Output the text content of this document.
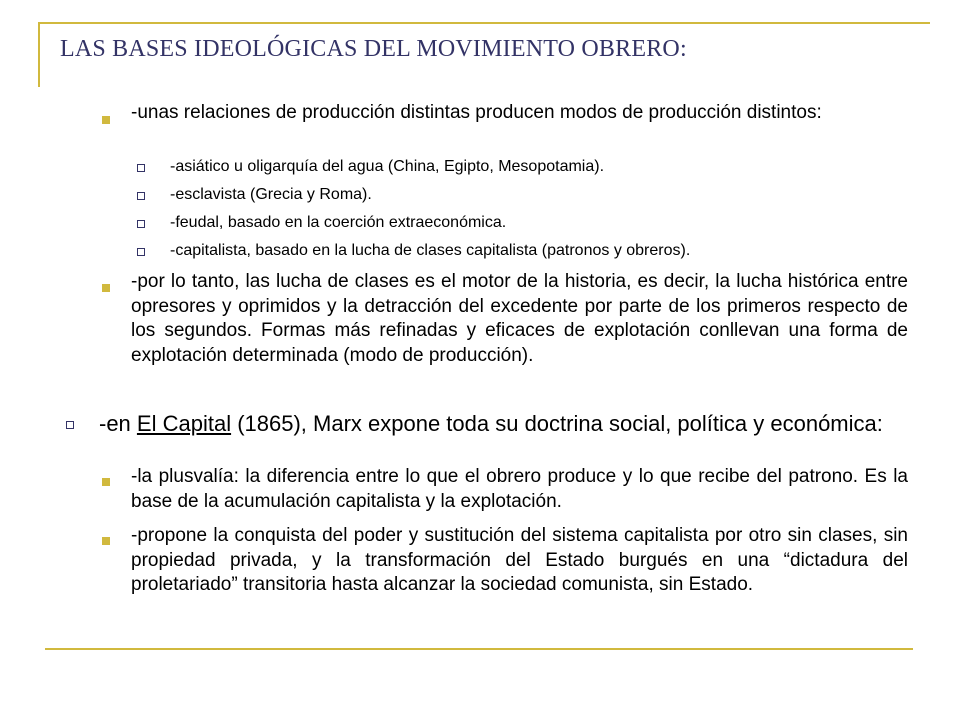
LAS BASES IDEOLÓGICAS DEL MOVIMIENTO OBRERO:
-unas relaciones de producción distintas producen modos de producción distintos:
-asiático u oligarquía del agua (China, Egipto, Mesopotamia).
-esclavista (Grecia y Roma).
-feudal, basado en la coerción extraeconómica.
-capitalista, basado en la lucha de clases capitalista (patronos y obreros).
-por lo tanto, las lucha de clases es el motor de la historia, es decir, la lucha histórica entre opresores y oprimidos y la detracción del excedente por parte de los primeros respecto de los segundos. Formas más refinadas y eficaces de explotación conllevan una forma de explotación determinada (modo de producción).
-en El Capital (1865), Marx expone toda su doctrina social, política y económica:
-la plusvalía: la diferencia entre lo que el obrero produce y lo que recibe del patrono. Es la base de la acumulación capitalista y la explotación.
-propone la conquista del poder y sustitución del sistema capitalista por otro sin clases, sin propiedad privada, y la transformación del Estado burgués en una “dictadura del proletariado” transitoria hasta alcanzar la sociedad comunista, sin Estado.
